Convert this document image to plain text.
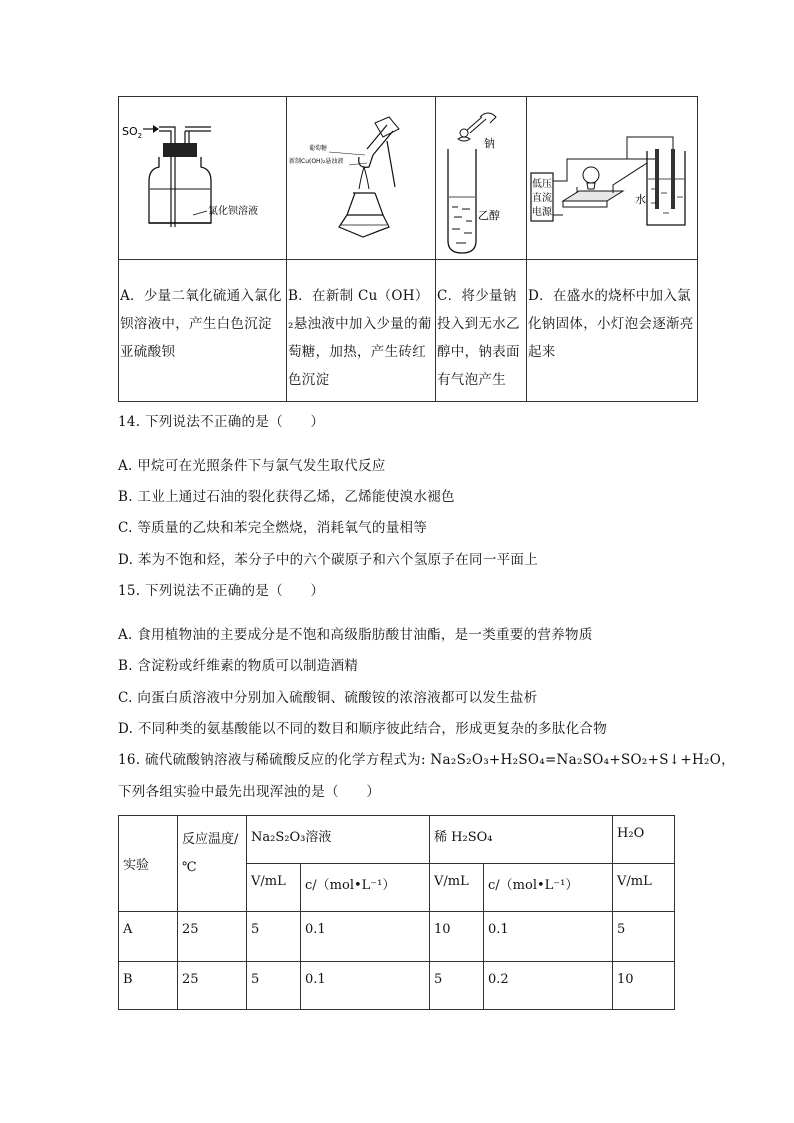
$SO_2$
氯化钡溶液	葡萄糖
新制Cu(OH)₂悬浊液	钠
乙醇	低压
直流
电源
水

A．少量二氧化硫通入氯化钡溶液中，产生白色沉淀亚硫酸钡	B．在新制 Cu（OH）₂悬浊液中加入少量的葡萄糖，加热，产生砖红色沉淀	C．将少量钠投入到无水乙醇中，钠表面有气泡产生	D．在盛水的烧杯中加入氯化钠固体，小灯泡会逐渐亮起来
14. 下列说法不正确的是（　　）
A. 甲烷可在光照条件下与氯气发生取代反应
B. 工业上通过石油的裂化获得乙烯，乙烯能使溴水褪色
C. 等质量的乙炔和苯完全燃烧，消耗氧气的量相等
D. 苯为不饱和烃，苯分子中的六个碳原子和六个氢原子在同一平面上
15. 下列说法不正确的是（　　）
A. 食用植物油的主要成分是不饱和高级脂肪酸甘油酯，是一类重要的营养物质
B. 含淀粉或纤维素的物质可以制造酒精
C. 向蛋白质溶液中分别加入硫酸铜、硫酸铵的浓溶液都可以发生盐析
D. 不同种类的氨基酸能以不同的数目和顺序彼此结合，形成更复杂的多肽化合物
16. 硫代硫酸钠溶液与稀硫酸反应的化学方程式为: Na₂S₂O₃+H₂SO₄=Na₂SO₄+SO₂+S↓+H₂O，
下列各组实验中最先出现浑浊的是（　　）
实验	反应温度/℃	Na₂S₂O₃溶液		稀 H₂SO₄		H₂O
		V/mL	c/（mol•L⁻¹）	V/mL	c/（mol•L⁻¹）	V/mL
A	25	5	0.1	10	0.1	5
B	25	5	0.1	5	0.2	10
